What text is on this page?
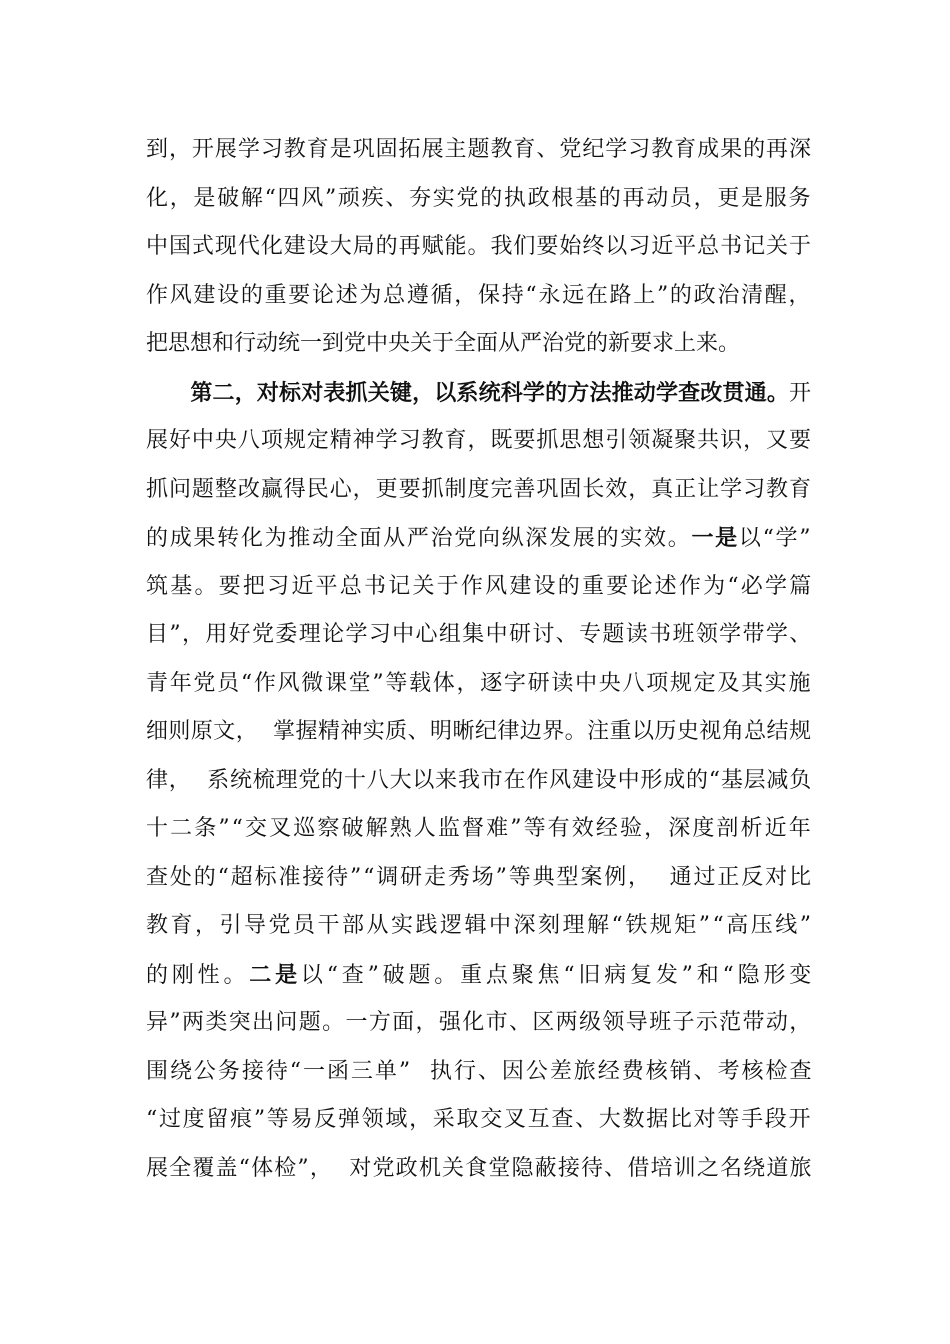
到，开展学习教育是巩固拓展主题教育、党纪学习教育成果的再深
化，是破解“四风”顽疾、夯实党的执政根基的再动员，更是服务
中国式现代化建设大局的再赋能。我们要始终以习近平总书记关于
作风建设的重要论述为总遵循，保持“永远在路上”的政治清醒，
把思想和行动统一到党中央关于全面从严治党的新要求上来。
　　第二，对标对表抓关键，以系统科学的方法推动学查改贯通。开
展好中央八项规定精神学习教育，既要抓思想引领凝聚共识，又要
抓问题整改赢得民心，更要抓制度完善巩固长效，真正让学习教育
的成果转化为推动全面从严治党向纵深发展的实效。一是以“学”
筑基。要把习近平总书记关于作风建设的重要论述作为“必学篇
目”，用好党委理论学习中心组集中研讨、专题读书班领学带学、
青年党员“作风微课堂”等载体，逐字研读中央八项规定及其实施
细则原文，  掌握精神实质、明晰纪律边界。注重以历史视角总结规
律，  系统梳理党的十八大以来我市在作风建设中形成的“基层减负
十二条”“交叉巡察破解熟人监督难”等有效经验，深度剖析近年
查处的“超标准接待”“调研走秀场”等典型案例，  通过正反对比
教育，引导党员干部从实践逻辑中深刻理解“铁规矩”“高压线”
的刚性。二是以“查”破题。重点聚焦“旧病复发”和“隐形变
异”两类突出问题。一方面，强化市、区两级领导班子示范带动，
围绕公务接待“一函三单”  执行、因公差旅经费核销、考核检查
“过度留痕”等易反弹领域，采取交叉互查、大数据比对等手段开
展全覆盖“体检”，  对党政机关食堂隐蔽接待、借培训之名绕道旅
